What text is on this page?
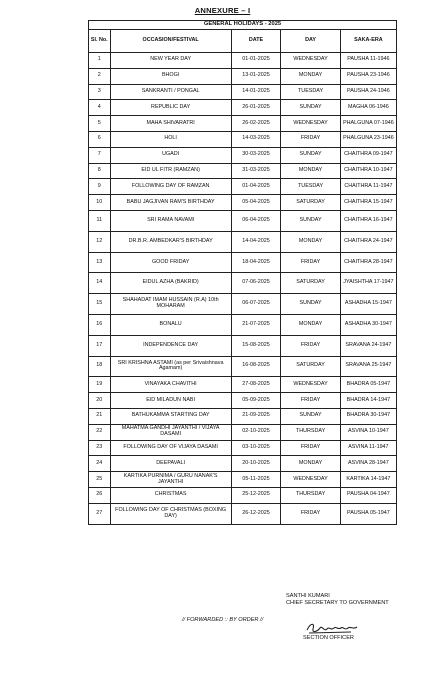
ANNEXURE – I
GENERAL HOLIDAYS - 2025				
Sl. No.	OCCASION/FESTIVAL	DATE	DAY	SAKA-ERA
1	NEW YEAR DAY	01-01-2025	WEDNESDAY	PAUSHA 11-1946
2	BHOGI	13-01-2025	MONDAY	PAUSHA 23-1946
3	SANKRANTI / PONGAL	14-01-2025	TUESDAY	PAUSHA 24-1946
4	REPUBLIC DAY	26-01-2025	SUNDAY	MAGHA 06-1946
5	MAHA SHIVARATRI	26-02-2025	WEDNESDAY	PHALGUNA 07-1946
6	HOLI	14-03-2025	FRIDAY	PHALGUNA 23-1946
7	UGADI	30-03-2025	SUNDAY	CHAITHRA 09-1947
8	EID UL FITR (RAMZAN)	31-03-2025	MONDAY	CHAITHRA 10-1947
9	FOLLOWING DAY OF RAMZAN	01-04-2025	TUESDAY	CHAITHRA 11-1947
10	BABU JAGJIVAN RAM'S BIRTHDAY	05-04-2025	SATURDAY	CHAITHRA 15-1947
11	SRI RAMA NAVAMI	06-04-2025	SUNDAY	CHAITHRA 16-1947
12	DR.B.R. AMBEDKAR'S BIRTHDAY	14-04-2025	MONDAY	CHAITHRA 24-1947
13	GOOD FRIDAY	18-04-2025	FRIDAY	CHAITHRA 28-1947
14	EIDUL AZHA (BAKRID)	07-06-2025	SATURDAY	JYAISHTHA 17-1947
15	SHAHADAT IMAM HUSSAIN (R.A) 10th MOHARAM	06-07-2025	SUNDAY	ASHADHA 15-1947
16	BONALU	21-07-2025	MONDAY	ASHADHA 30-1947
17	INDEPENDENCE DAY	15-08-2025	FRIDAY	SRAVANA 24-1947
18	SRI KRISHNA ASTAMI (as per Srivaishnava Agamam)	16-08-2025	SATURDAY	SRAVANA 25-1947
19	VINAYAKA CHAVITHI	27-08-2025	WEDNESDAY	BHADRA 05-1947
20	EID MILADUN NABI	05-09-2025	FRIDAY	BHADRA 14-1947
21	BATHUKAMMA STARTING DAY	21-09-2025	SUNDAY	BHADRA 30-1947
22	MAHATMA GANDHI JAYANTHI / VIJAYA DASAMI	02-10-2025	THURSDAY	ASVINA 10-1947
23	FOLLOWING DAY OF VIJAYA DASAMI	03-10-2025	FRIDAY	ASVINA 11-1947
24	DEEPAVALI	20-10-2025	MONDAY	ASVINA 28-1947
25	KARTIKA PURNIMA / GURU NANAK'S JAYANTHI	05-11-2025	WEDNESDAY	KARTIKA 14-1947
26	CHRISTMAS	25-12-2025	THURSDAY	PAUSHA 04-1947
27	FOLLOWING DAY OF CHRISTMAS (BOXING DAY)	26-12-2025	FRIDAY	PAUSHA 05-1947
SANTHI KUMARI
CHIEF SECRETARY TO GOVERNMENT
// FORWARDED :: BY ORDER //
SECTION OFFICER
